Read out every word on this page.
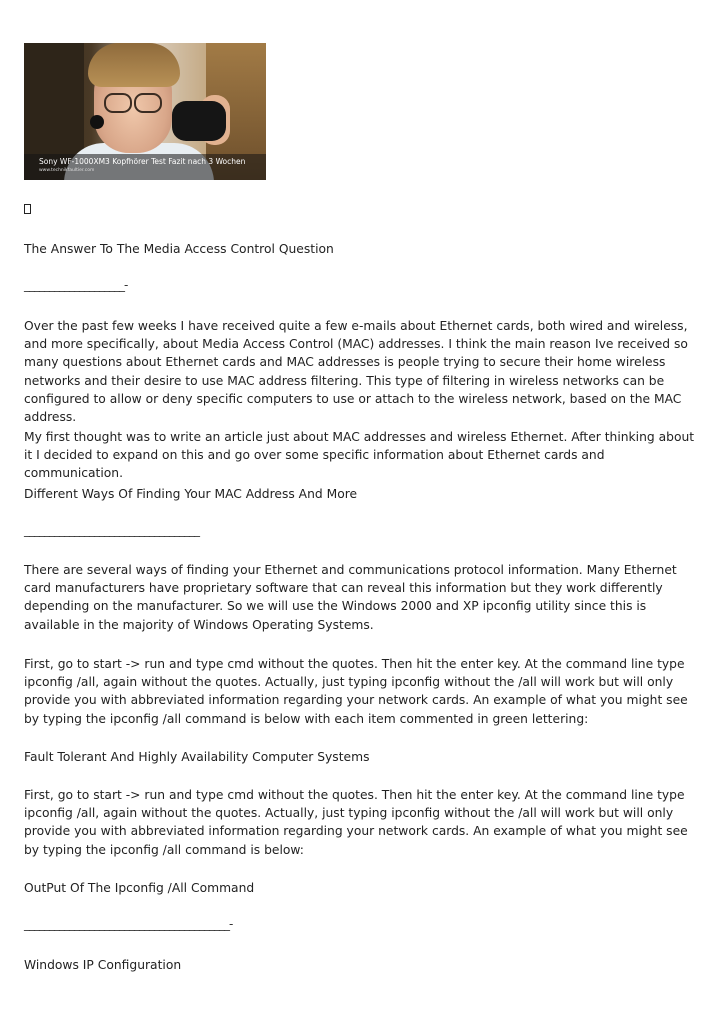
Sony WF-1000XM3 Kopfhörer Test Fazit nach 3 Wochen
www.technikfaultier.com
The Answer To The Media Access Control Question
____________________-
Over the past few weeks I have received quite a few e-mails about Ethernet cards, both wired and wireless, and more specifically, about Media Access Control (MAC) addresses. I think the main reason Ive received so many questions about Ethernet cards and MAC addresses is people trying to secure their home wireless networks and their desire to use MAC address filtering. This type of filtering in wireless networks can be configured to allow or deny specific computers to use or attach to the wireless network, based on the MAC address.
My first thought was to write an article just about MAC addresses and wireless Ethernet. After thinking about it I decided to expand on this and go over some specific information about Ethernet cards and communication.
Different Ways Of Finding Your MAC Address And More
___________________________________
There are several ways of finding your Ethernet and communications protocol information. Many Ethernet card manufacturers have proprietary software that can reveal this information but they work differently depending on the manufacturer. So we will use the Windows 2000 and XP ipconfig utility since this is available in the majority of Windows Operating Systems.
First, go to start -> run and type cmd without the quotes. Then hit the enter key. At the command line type ipconfig /all, again without the quotes. Actually, just typing ipconfig without the /all will work but will only provide you with abbreviated information regarding your network cards. An example of what you might see by typing the ipconfig /all command is below with each item commented in green lettering:
Fault Tolerant And Highly Availability Computer Systems
First, go to start -> run and type cmd without the quotes. Then hit the enter key. At the command line type ipconfig /all, again without the quotes. Actually, just typing ipconfig without the /all will work but will only provide you with abbreviated information regarding your network cards. An example of what you might see by typing the ipconfig /all command is below:
OutPut Of The Ipconfig /All Command
_________________________________________-
Windows IP Configuration
